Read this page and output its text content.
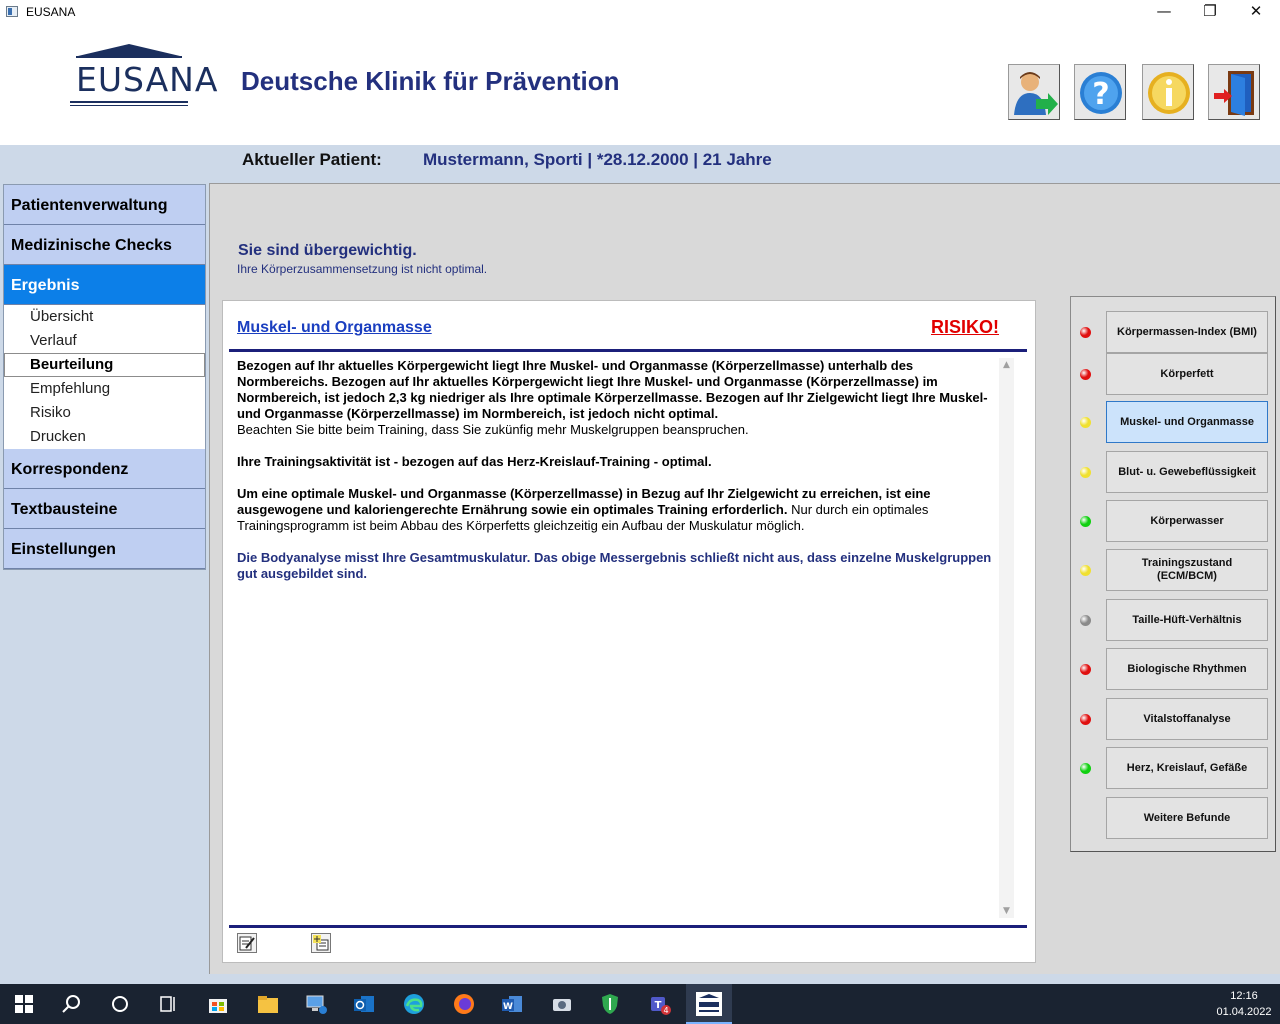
EUSANA	—	❐	✕
EUSANA Deutsche Klinik für Prävention	?
Aktueller Patient: Mustermann, Sporti | *28.12.2000 | 21 Jahre
Patientenverwaltung
Medizinische Checks
Ergebnis
Übersicht
Verlauf
Beurteilung
Empfehlung
Risiko
Drucken
Korrespondenz
Textbausteine
Einstellungen
Sie sind übergewichtig.
Ihre Körperzusammensetzung ist nicht optimal.
Muskel- und Organmasse	RISIKO!

Bezogen auf Ihr aktuelles Körpergewicht liegt Ihre Muskel- und Organmasse (Körperzellmasse) unterhalb des Normbereichs. Bezogen auf Ihr aktuelles Körpergewicht liegt Ihre Muskel- und Organmasse (Körperzellmasse) im Normbereich, ist jedoch 2,3 kg niedriger als Ihre optimale Körperzellmasse. Bezogen auf Ihr Zielgewicht liegt Ihre Muskel- und Organmasse (Körperzellmasse) im Normbereich, ist jedoch nicht optimal.

Beachten Sie bitte beim Training, dass Sie zukünfig mehr Muskelgruppen beanspruchen.

Ihre Trainingsaktivität ist - bezogen auf das Herz-Kreislauf-Training - optimal.

Um eine optimale Muskel- und Organmasse (Körperzellmasse) in Bezug auf Ihr Zielgewicht zu erreichen, ist eine ausgewogene und kaloriengerechte Ernährung sowie ein optimales Training erforderlich. Nur durch ein optimales Trainingsprogramm ist beim Abbau des Körperfetts gleichzeitig ein Aufbau der Muskulatur möglich.

Die Bodyanalyse misst Ihre Gesamtmuskulatur. Das obige Messergebnis schließt nicht aus, dass einzelne Muskelgruppen gut ausgebildet sind.

▲
▼
Körpermassen-Index (BMI)
Körperfett
Muskel- und Organmasse
Blut- u. Gewebeflüssigkeit
Körperwasser
Trainingszustand (ECM/BCM)
Taille-Hüft-Verhältnis
Biologische Rhythmen
Vitalstoffanalyse
Herz, Kreislauf, Gefäße
Weitere Befunde
W	T 4
12:16
01.04.2022
